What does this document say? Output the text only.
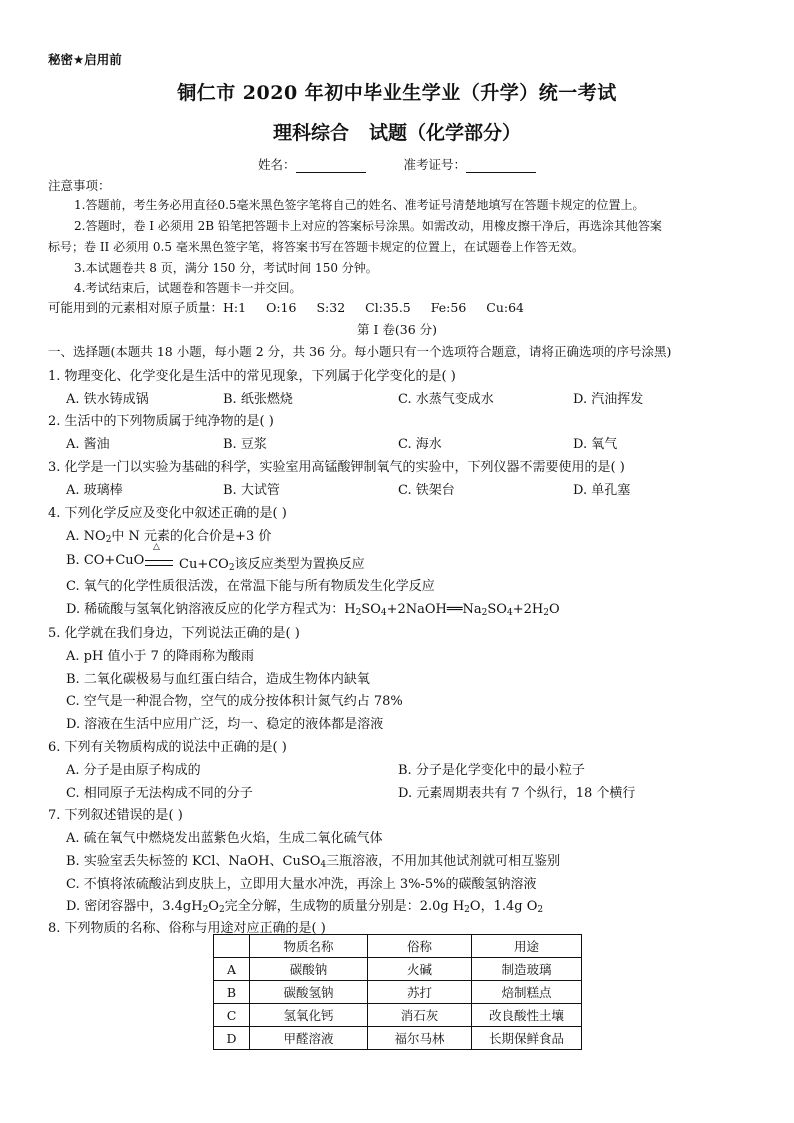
秘密★启用前
铜仁市 2020 年初中毕业生学业（升学）统一考试
理科综合 试题（化学部分）
姓名：	准考证号：
注意事项：
1.答题前，考生务必用直径0.5毫米黑色签字笔将自己的姓名、准考证号清楚地填写在答题卡规定的位置上。
2.答题时，卷 I 必须用 2B 铅笔把答题卡上对应的答案标号涂黑。如需改动，用橡皮擦干净后，再选涂其他答案
标号；卷 II 必须用 0.5 毫米黑色签字笔，将答案书写在答题卡规定的位置上，在试题卷上作答无效。
3.本试题卷共 8 页，满分 150 分，考试时间 150 分钟。
4.考试结束后，试题卷和答题卡一并交回。
可能用到的元素相对原子质量：H:1 O:16 S:32 Cl:35.5 Fe:56 Cu:64
第 I 卷(36 分)
一、选择题(本题共 18 小题，每小题 2 分，共 36 分。每小题只有一个选项符合题意，请将正确选项的序号涂黑)
1. 物理变化、化学变化是生活中的常见现象，下列属于化学变化的是( )
A. 铁水铸成锅	B. 纸张燃烧	C. 水蒸气变成水	D. 汽油挥发
2. 生活中的下列物质属于纯净物的是( )
A. 酱油	B. 豆浆	C. 海水	D. 氧气
3. 化学是一门以实验为基础的科学，实验室用高锰酸钾制氧气的实验中，下列仪器不需要使用的是( )
A. 玻璃棒	B. 大试管	C. 铁架台	D. 单孔塞
4. 下列化学反应及变化中叙述正确的是( )
A. $NO_2$中 N 元素的化合价是+3 价
B. CO+CuO
△
$Cu+CO_2$该反应类型为置换反应
C. 氧气的化学性质很活泼，在常温下能与所有物质发生化学反应
D. 稀硫酸与氢氧化钠溶液反应的化学方程式为：$H_2SO_4+2NaOH══Na_2SO_4+2H_2O$
5. 化学就在我们身边，下列说法正确的是( )
A. pH 值小于 7 的降雨称为酸雨
B. 二氧化碳极易与血红蛋白结合，造成生物体内缺氧
C. 空气是一种混合物，空气的成分按体积计氮气约占 78%
D. 溶液在生活中应用广泛，均一、稳定的液体都是溶液
6. 下列有关物质构成的说法中正确的是( )
A. 分子是由原子构成的	B. 分子是化学变化中的最小粒子
C. 相同原子无法构成不同的分子	D. 元素周期表共有 7 个纵行，18 个横行
7. 下列叙述错误的是( )
A. 硫在氧气中燃烧发出蓝紫色火焰，生成二氧化硫气体
B. 实验室丢失标签的 KCl、NaOH、CuSO$_4$三瓶溶液，不用加其他试剂就可相互鉴别
C. 不慎将浓硫酸沾到皮肤上，立即用大量水冲洗，再涂上 3%-5%的碳酸氢钠溶液
D. 密闭容器中，$3.4gH_2O_2$完全分解，生成物的质量分别是：2.0g $H_2O$，1.4g $O_2$
8. 下列物质的名称、俗称与用途对应正确的是( )
	物质名称	俗称	用途
A	碳酸钠	火碱	制造玻璃
B	碳酸氢钠	苏打	焙制糕点
C	氢氧化钙	消石灰	改良酸性土壤
D	甲醛溶液	福尔马林	长期保鲜食品
